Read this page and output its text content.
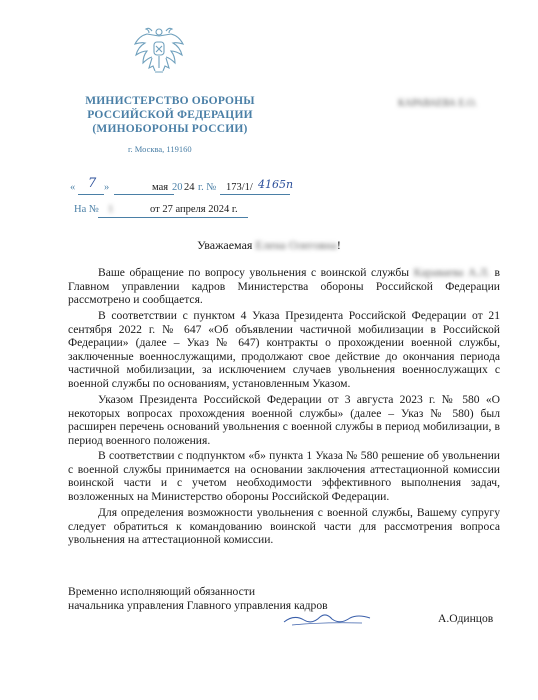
МИНИСТЕРСТВО ОБОРОНЫ
РОССИЙСКОЙ ФЕДЕРАЦИИ
(МИНОБОРОНЫ РОССИИ)
г. Москва, 119160
КАРАВАЕВА Е.О.
« 7 »	мая 20 24 г. № 173/1/ 4165п
На № 1	от 27 апреля 2024 г.
Уважаемая Елена Олеговна!

Ваше обращение по вопросу увольнения с воинской службы Караваева А.Л. в Главном управлении кадров Министерства обороны Российской Федерации рассмотрено и сообщается.

В соответствии с пунктом 4 Указа Президента Российской Федерации от 21 сентября 2022 г. № 647 «Об объявлении частичной мобилизации в Российской Федерации» (далее – Указ № 647) контракты о прохождении военной службы, заключенные военнослужащими, продолжают свое действие до окончания периода частичной мобилизации, за исключением случаев увольнения военнослужащих с военной службы по основаниям, установленным Указом.

Указом Президента Российской Федерации от 3 августа 2023 г. № 580 «О некоторых вопросах прохождения военной службы» (далее – Указ № 580) был расширен перечень оснований увольнения с военной службы в период мобилизации, в период военного положения.

В соответствии с подпунктом «б» пункта 1 Указа № 580 решение об увольнении с военной службы принимается на основании заключения аттестационной комиссии воинской части и с учетом необходимости эффективного выполнения задач, возложенных на Министерство обороны Российской Федерации.

Для определения возможности увольнения с военной службы, Вашему супругу следует обратиться к командованию воинской части для рассмотрения вопроса увольнения на аттестационной комиссии.

Временно исполняющий обязанности
начальника управления Главного управления кадров
А.Одинцов
